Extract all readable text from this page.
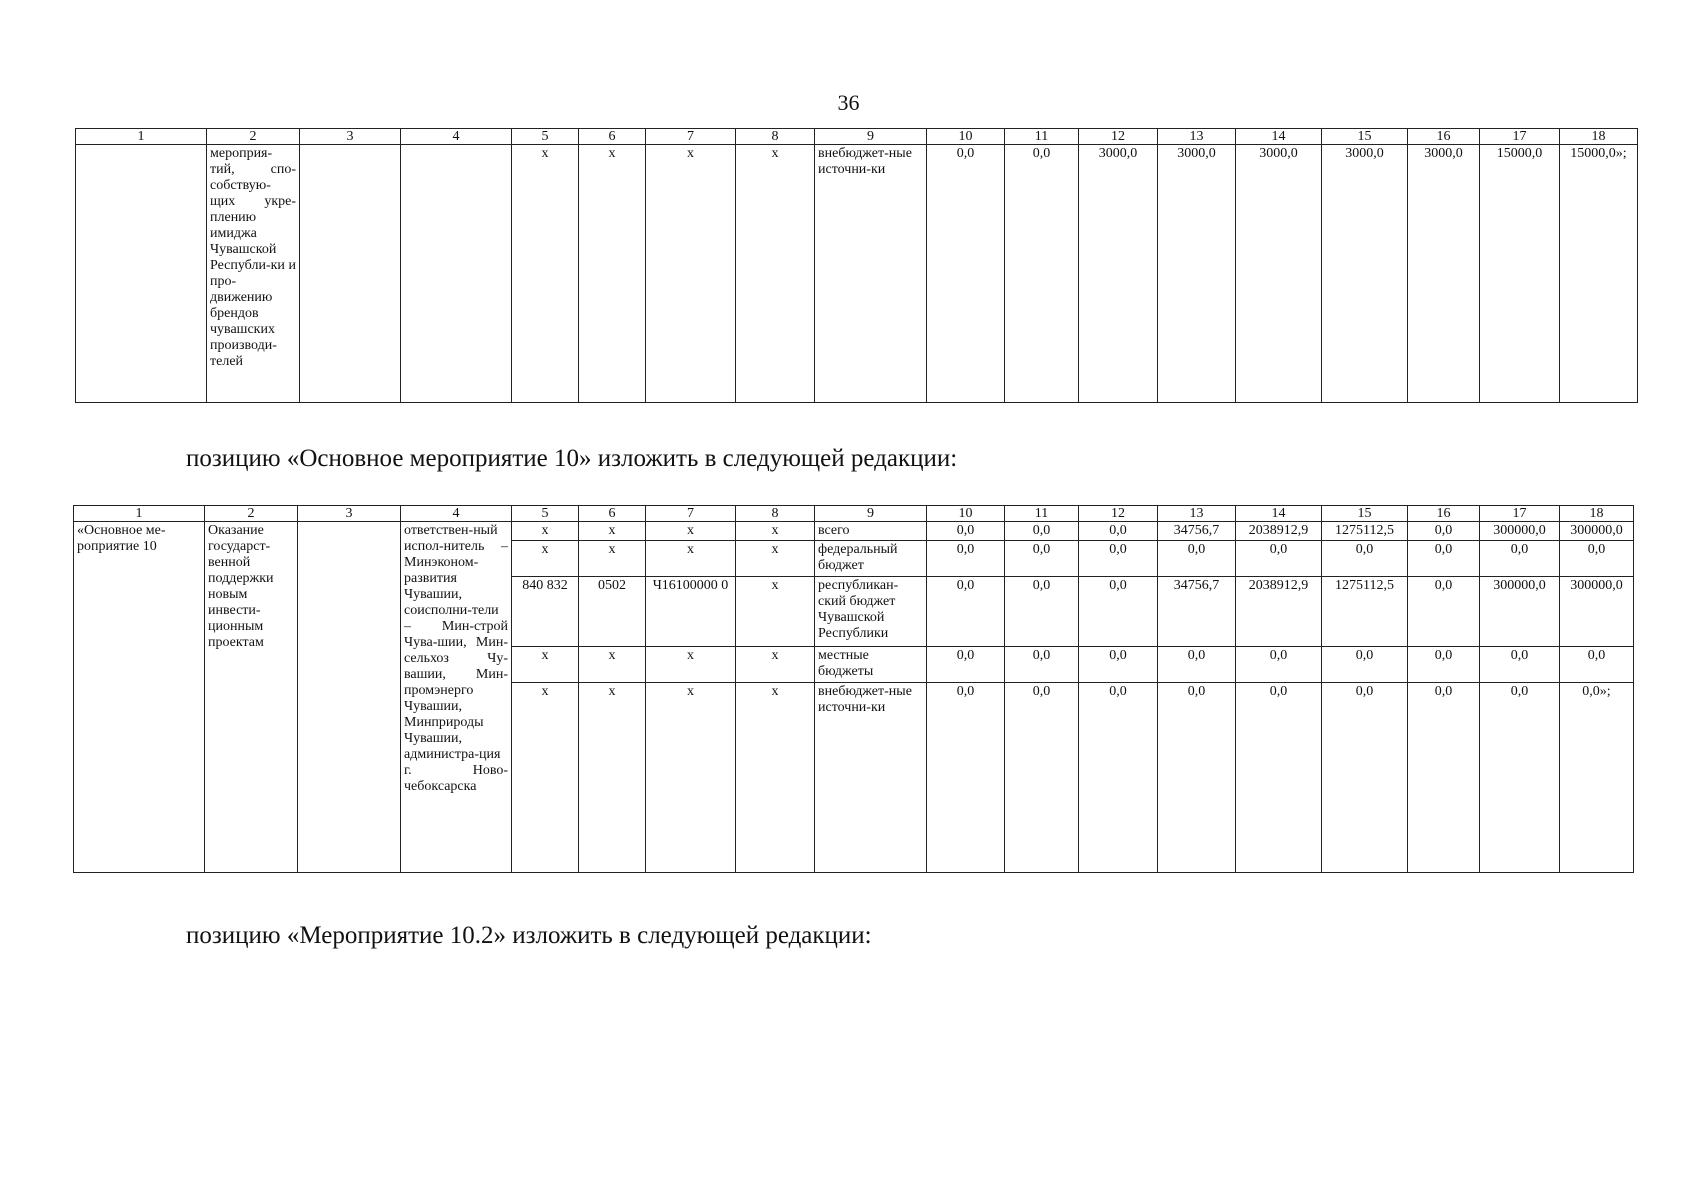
36
1	2	3	4	5	6	7	8	9	10	11	12	13	14	15	16	17	18
	мероприя-тий, спо-собствую-щих укре-плению имиджа Чувашской Республи-ки и про-движению брендов чувашских производи-телей			х	х	х	х	внебюджет-ные источни-ки	0,0	0,0	3000,0	3000,0	3000,0	3000,0	3000,0	15000,0	15000,0»;
позицию «Основное мероприятие 10» изложить в следующей редакции:
1	2	3	4	5	6	7	8	9	10	11	12	13	14	15	16	17	18
«Основное ме-роприятие 10	Оказание государст-венной поддержки новым инвести-ционным проектам		ответствен-ный испол-нитель – Минэконом-развития Чувашии, соисполни-тели – Мин-строй Чува-шии, Мин-сельхоз Чу-вашии, Мин-промэнерго Чувашии, Минприроды Чувашии, администра-ция г. Ново-чебоксарска	х	х	х	х	всего	0,0	0,0	0,0	34756,7	2038912,9	1275112,5	0,0	300000,0	300000,0
				х	х	х	х	федеральный бюджет	0,0	0,0	0,0	0,0	0,0	0,0	0,0	0,0	0,0
				840 832	0502	Ч16100000 0	х	республикан-ский бюджет Чувашской Республики	0,0	0,0	0,0	34756,7	2038912,9	1275112,5	0,0	300000,0	300000,0
				х	х	х	х	местные бюджеты	0,0	0,0	0,0	0,0	0,0	0,0	0,0	0,0	0,0
				х	х	х	х	внебюджет-ные источни-ки	0,0	0,0	0,0	0,0	0,0	0,0	0,0	0,0	0,0»;
позицию «Мероприятие 10.2» изложить в следующей редакции:
